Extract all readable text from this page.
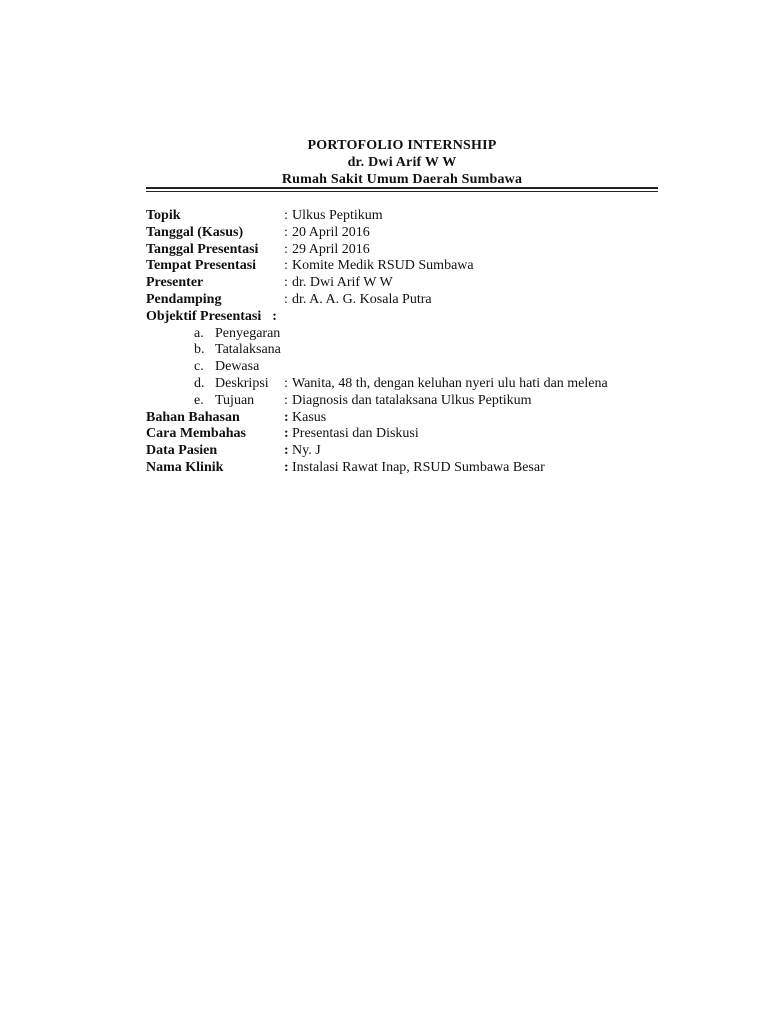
PORTOFOLIO INTERNSHIP
dr. Dwi Arif W W
Rumah Sakit Umum Daerah Sumbawa
Topik	: Ulkus Peptikum
Tanggal (Kasus)	: 20 April 2016
Tanggal Presentasi : 29 April 2016
Tempat Presentasi : Komite Medik RSUD Sumbawa
Presenter	: dr. Dwi Arif W W
Pendamping	: dr. A. A. G. Kosala Putra
Objektif Presentasi :
a. Penyegaran
b. Tatalaksana
c. Dewasa
d. Deskripsi : Wanita, 48 th, dengan keluhan nyeri ulu hati dan melena
e. Tujuan : Diagnosis dan tatalaksana Ulkus Peptikum
Bahan Bahasan	: Kasus
Cara Membahas	: Presentasi dan Diskusi
Data Pasien	: Ny. J
Nama Klinik	: Instalasi Rawat Inap, RSUD Sumbawa Besar
